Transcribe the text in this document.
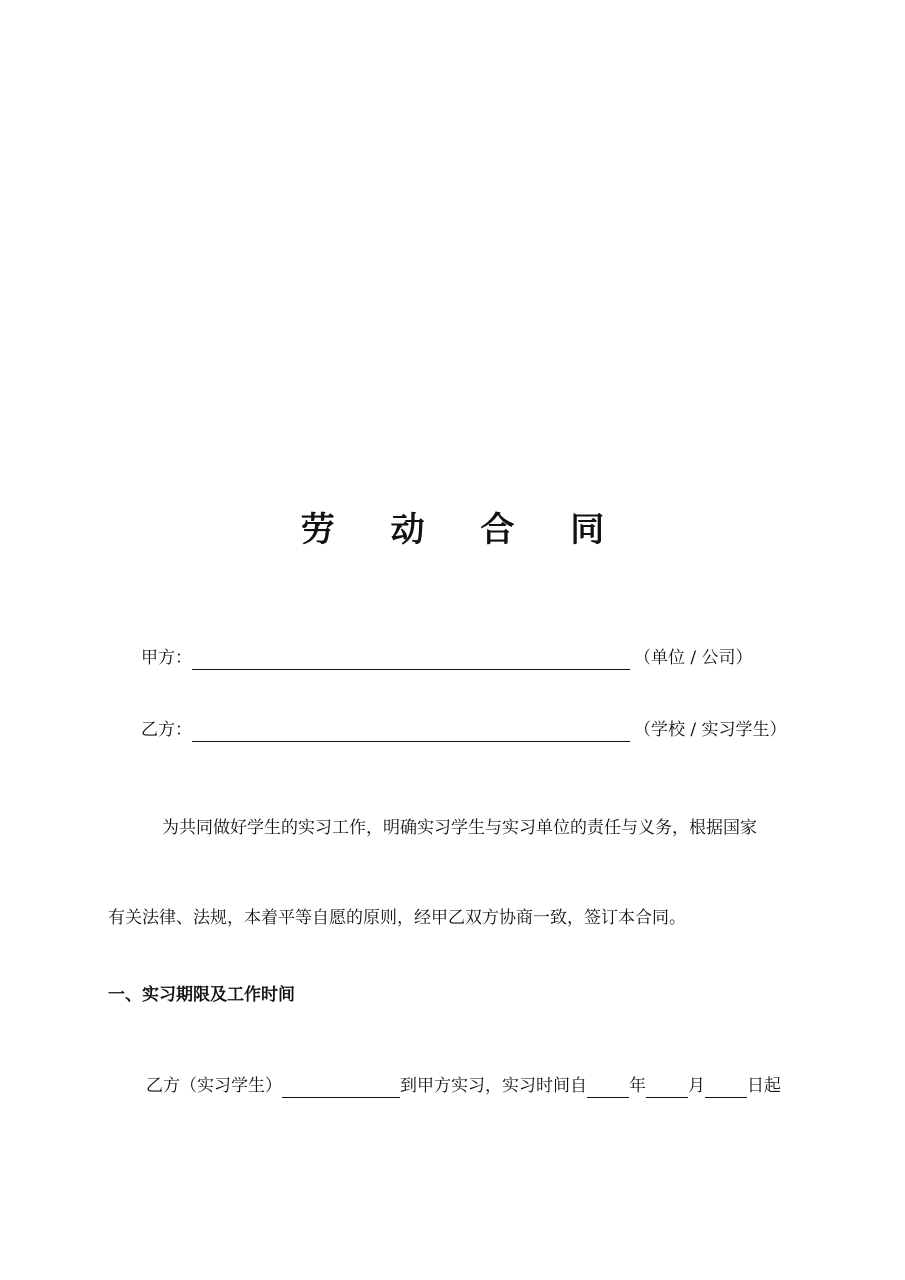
劳 动 合 同
甲方：	（单位 / 公司）
乙方：	（学校 / 实习学生）
为共同做好学生的实习工作，明确实习学生与实习单位的责任与义务，根据国家
有关法律、法规，本着平等自愿的原则，经甲乙双方协商一致，签订本合同。
一、实习期限及工作时间
乙方（实习学生）	到甲方实习，实习时间自 年 月 日起
